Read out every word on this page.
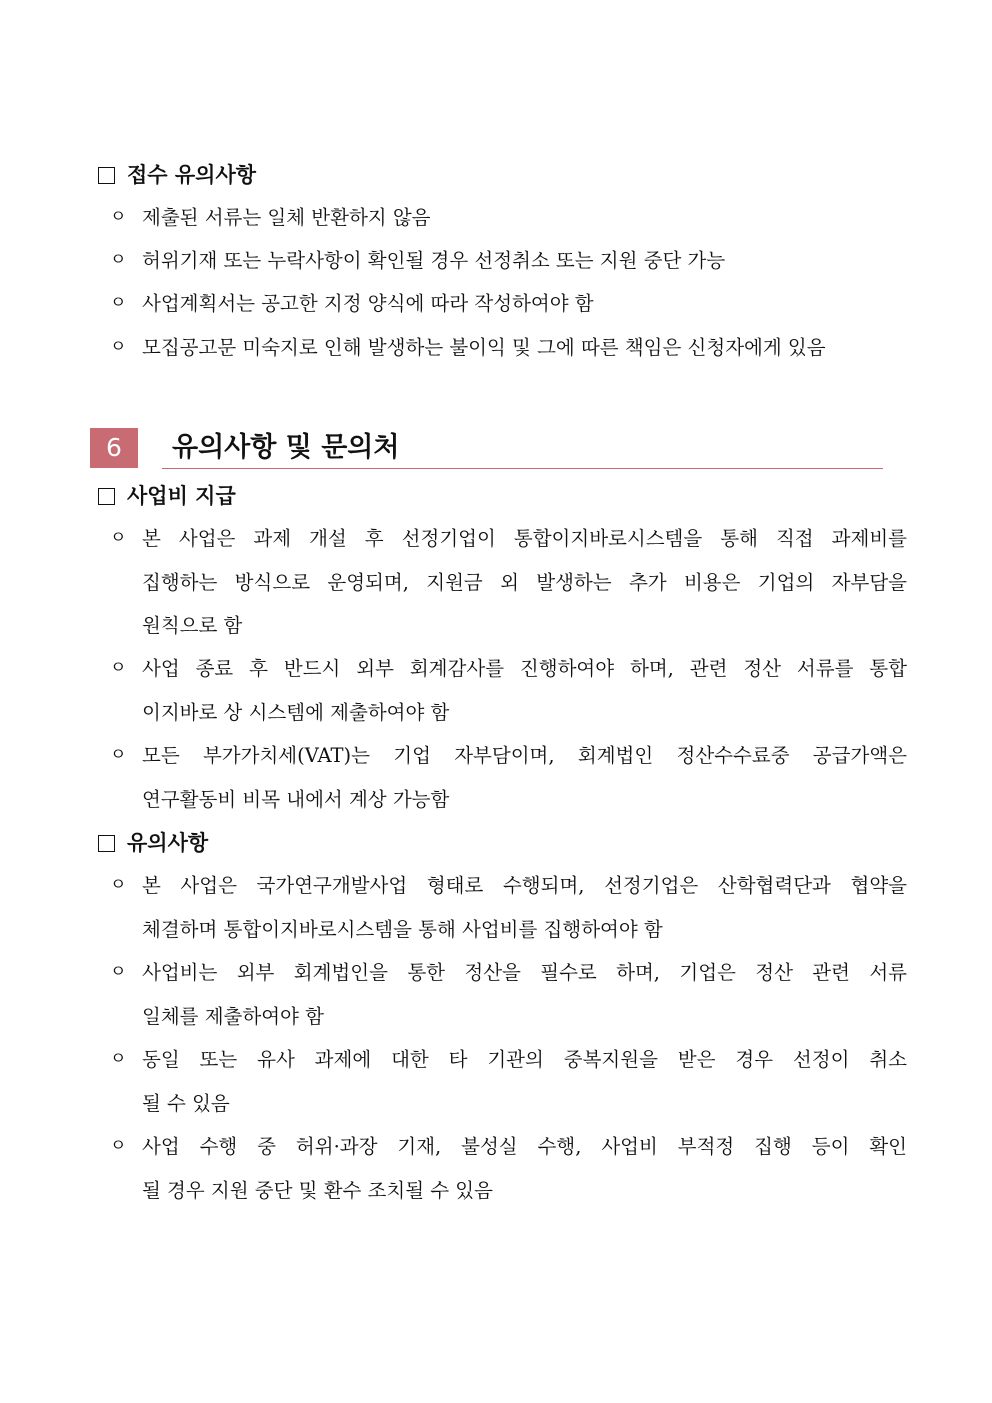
접수 유의사항
ㅇ 제출된 서류는 일체 반환하지 않음
ㅇ 허위기재 또는 누락사항이 확인될 경우 선정취소 또는 지원 중단 가능
ㅇ 사업계획서는 공고한 지정 양식에 따라 작성하여야 함
ㅇ 모집공고문 미숙지로 인해 발생하는 불이익 및 그에 따른 책임은 신청자에게 있음
6	유의사항 및 문의처
사업비 지급
ㅇ 본 사업은 과제 개설 후 선정기업이 통합이지바로시스템을 통해 직접 과제비를
집행하는 방식으로 운영되며, 지원금 외 발생하는 추가 비용은 기업의 자부담을
원칙으로 함
ㅇ 사업 종료 후 반드시 외부 회계감사를 진행하여야 하며, 관련 정산 서류를 통합
이지바로 상 시스템에 제출하여야 함
ㅇ 모든 부가가치세(VAT)는 기업 자부담이며, 회계법인 정산수수료중 공급가액은
연구활동비 비목 내에서 계상 가능함
유의사항
ㅇ 본 사업은 국가연구개발사업 형태로 수행되며, 선정기업은 산학협력단과 협약을
체결하며 통합이지바로시스템을 통해 사업비를 집행하여야 함
ㅇ 사업비는 외부 회계법인을 통한 정산을 필수로 하며, 기업은 정산 관련 서류
일체를 제출하여야 함
ㅇ 동일 또는 유사 과제에 대한 타 기관의 중복지원을 받은 경우 선정이 취소
될 수 있음
ㅇ 사업 수행 중 허위·과장 기재, 불성실 수행, 사업비 부적정 집행 등이 확인
될 경우 지원 중단 및 환수 조치될 수 있음
